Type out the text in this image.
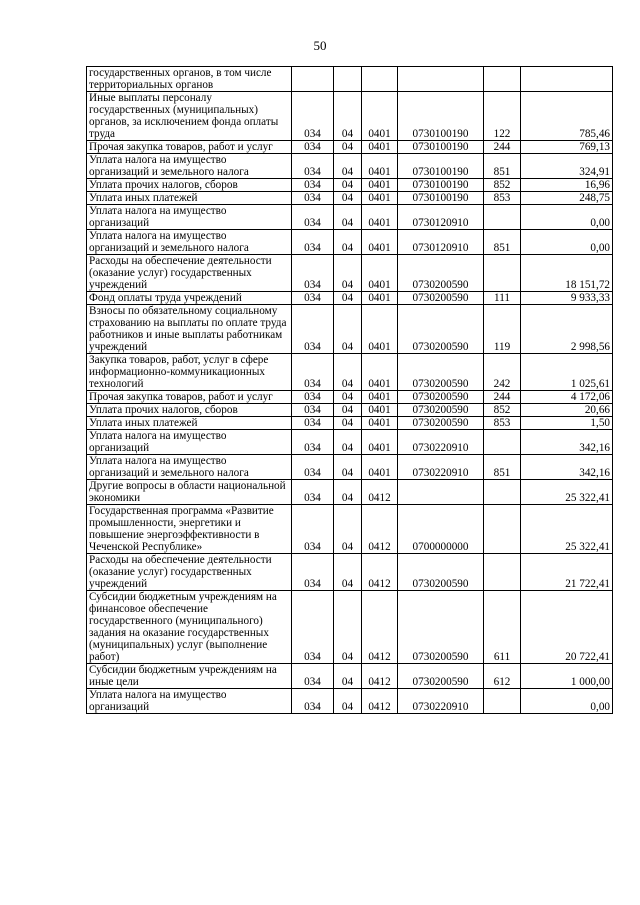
50
государственных органов, в том числе территориальных органов						
Иные выплаты персоналу государственных (муниципальных) органов, за исключением фонда оплаты труда	034	04	0401	0730100190	122	785,46
Прочая закупка товаров, работ и услуг	034	04	0401	0730100190	244	769,13
Уплата налога на имущество организаций и земельного налога	034	04	0401	0730100190	851	324,91
Уплата прочих налогов, сборов	034	04	0401	0730100190	852	16,96
Уплата иных платежей	034	04	0401	0730100190	853	248,75
Уплата налога на имущество организаций	034	04	0401	0730120910		0,00
Уплата налога на имущество организаций и земельного налога	034	04	0401	0730120910	851	0,00
Расходы на обеспечение деятельности (оказание услуг) государственных учреждений	034	04	0401	0730200590		18 151,72
Фонд оплаты труда учреждений	034	04	0401	0730200590	111	9 933,33
Взносы по обязательному социальному страхованию на выплаты по оплате труда работников и иные выплаты работникам учреждений	034	04	0401	0730200590	119	2 998,56
Закупка товаров, работ, услуг в сфере информационно-коммуникационных технологий	034	04	0401	0730200590	242	1 025,61
Прочая закупка товаров, работ и услуг	034	04	0401	0730200590	244	4 172,06
Уплата прочих налогов, сборов	034	04	0401	0730200590	852	20,66
Уплата иных платежей	034	04	0401	0730200590	853	1,50
Уплата налога на имущество организаций	034	04	0401	0730220910		342,16
Уплата налога на имущество организаций и земельного налога	034	04	0401	0730220910	851	342,16
Другие вопросы в области национальной экономики	034	04	0412			25 322,41
Государственная программа «Развитие промышленности, энергетики и повышение энергоэффективности в Чеченской Республике»	034	04	0412	0700000000		25 322,41
Расходы на обеспечение деятельности (оказание услуг) государственных учреждений	034	04	0412	0730200590		21 722,41
Субсидии бюджетным учреждениям на финансовое обеспечение государственного (муниципального) задания на оказание государственных (муниципальных) услуг (выполнение работ)	034	04	0412	0730200590	611	20 722,41
Субсидии бюджетным учреждениям на иные цели	034	04	0412	0730200590	612	1 000,00
Уплата налога на имущество организаций	034	04	0412	0730220910		0,00
